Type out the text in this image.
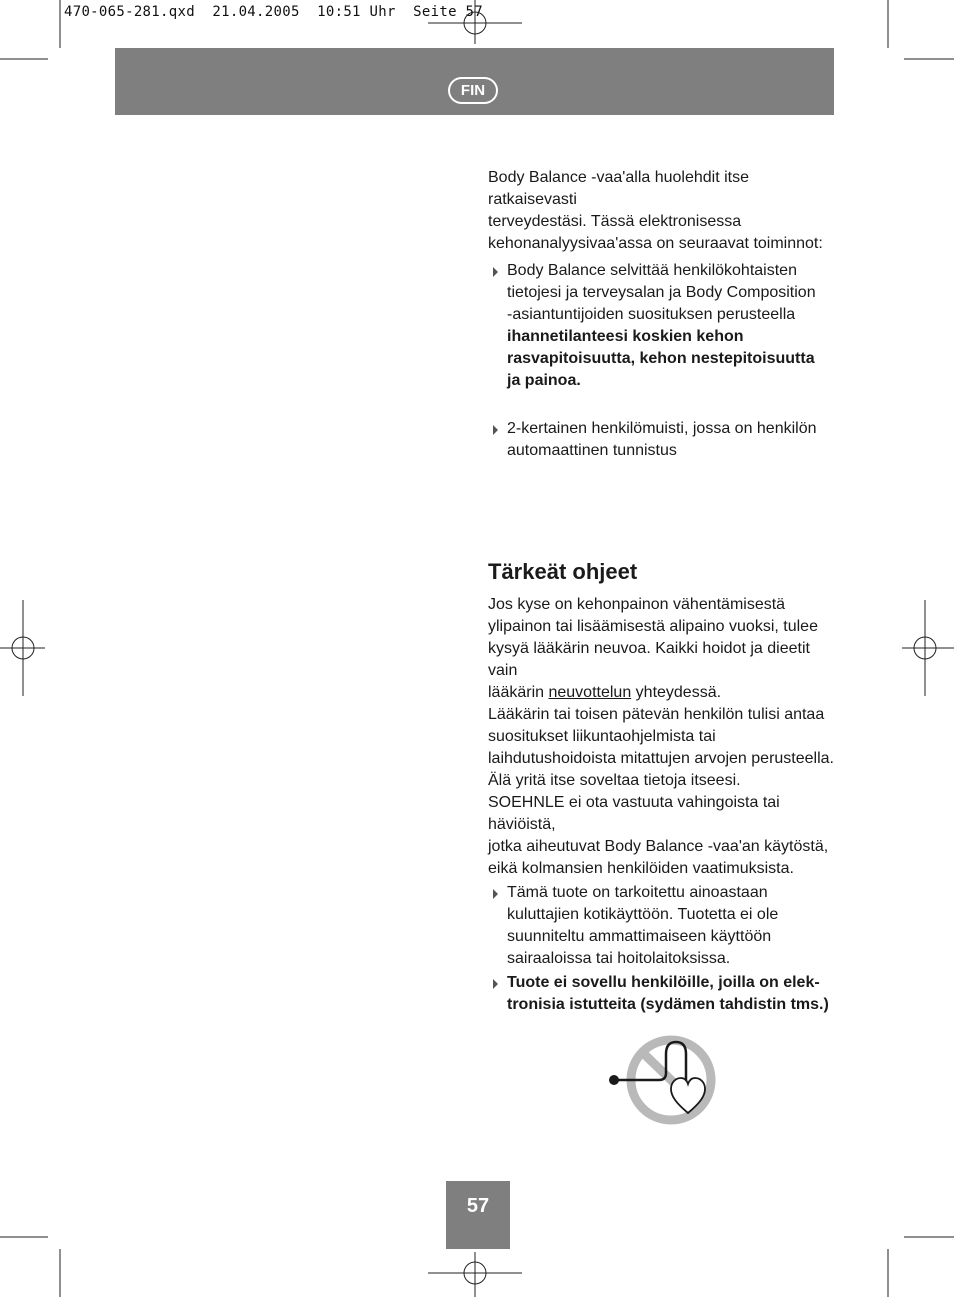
470-065-281.qxd  21.04.2005  10:51 Uhr  Seite 57
FIN

Body Balance -vaa'alla huolehdit itse ratkaisevasti
terveydestäsi. Tässä elektronisessa
kehonanalyysivaa'assa on seuraavat toiminnot:

Body Balance selvittää henkilökohtaisten
tietojesi ja terveysalan ja Body Composition
-asiantuntijoiden suosituksen perusteella
ihannetilanteesi koskien kehon
rasvapitoisuutta, kehon nestepitoisuutta
ja painoa.
2-kertainen henkilömuisti, jossa on henkilön
automaattinen tunnistus
Tärkeät ohjeet

Jos kyse on kehonpainon vähentämisestä
ylipainon tai lisäämisestä alipaino vuoksi, tulee
kysyä lääkärin neuvoa. Kaikki hoidot ja dieetit vain
lääkärin neuvottelun yhteydessä.
Lääkärin tai toisen pätevän henkilön tulisi antaa
suositukset liikuntaohjelmista tai
laihdutushoidoista mitattujen arvojen perusteella.
Älä yritä itse soveltaa tietoja itseesi.
SOEHNLE ei ota vastuuta vahingoista tai häviöistä,
jotka aiheutuvat Body Balance -vaa'an käytöstä,
eikä kolmansien henkilöiden vaatimuksista.

Tämä tuote on tarkoitettu ainoastaan
kuluttajien kotikäyttöön. Tuotetta ei ole
suunniteltu ammattimaiseen käyttöön
sairaaloissa tai hoitolaitoksissa.
Tuote ei sovellu henkilöille, joilla on elek-
tronisia istutteita (sydämen tahdistin tms.)
57
